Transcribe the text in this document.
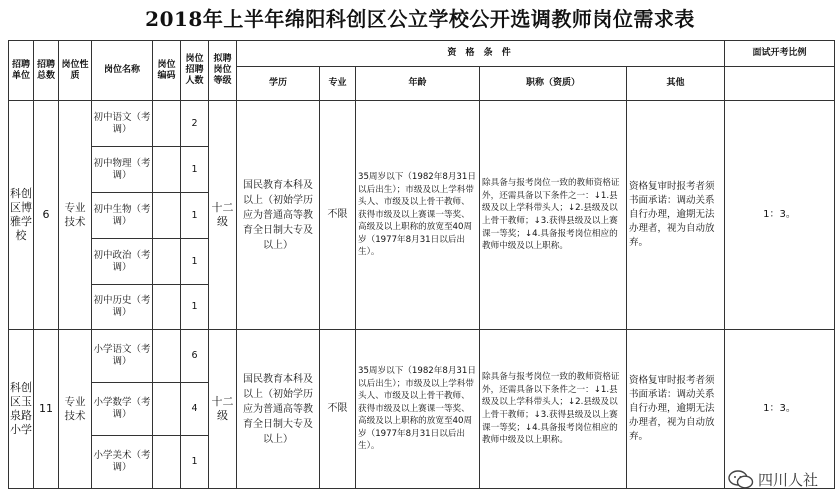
2018年上半年绵阳科创区公立学校公开选调教师岗位需求表
招聘单位	招聘总数	岗位性质	岗位名称	岗位编码	岗位招聘人数	拟聘岗位等级	资 格 条 件					面试开考比例
							学历	专业	年龄	职称（资质）	其他	
科创区博雅学校	6	专业技术	初中语文（考调）		2	十二级	国民教育本科及以上（初始学历应为普通高等教育全日制大专及以上）	不限	35周岁以下（1982年8月31日以后出生）；市级及以上学科带头人、市级及以上骨干教师、获得市级及以上赛课一等奖、高级及以上职称的放宽至40周岁（1977年8月31日以后出生）。	除具备与报考岗位一致的教师资格证外，还需具备以下条件之一：↓1.县级及以上学科带头人；↓2.县级及以上骨干教师；↓3.获得县级及以上赛课一等奖；↓4.具备报考岗位相应的教师中级及以上职称。	资格复审时报考者须书面承诺：调动关系自行办理，逾期无法办理者，视为自动放弃。	1：3。
			初中物理（考调）		1							
			初中生物（考调）		1							
			初中政治（考调）		1							
			初中历史（考调）		1							
科创区玉泉路小学	11	专业技术	小学语文（考调）		6	十二级	国民教育本科及以上（初始学历应为普通高等教育全日制大专及以上）	不限	35周岁以下（1982年8月31日以后出生）；市级及以上学科带头人、市级及以上骨干教师、获得市级及以上赛课一等奖、高级及以上职称的放宽至40周岁（1977年8月31日以后出生）。	除具备与报考岗位一致的教师资格证外，还需具备以下条件之一：↓1.县级及以上学科带头人；↓2.县级及以上骨干教师；↓3.获得县级及以上赛课一等奖；↓4.具备报考岗位相应的教师中级及以上职称。	资格复审时报考者须书面承诺：调动关系自行办理，逾期无法办理者，视为自动放弃。	1：3。
			小学数学（考调）		4							
			小学美术（考调）		1							
四川人社
